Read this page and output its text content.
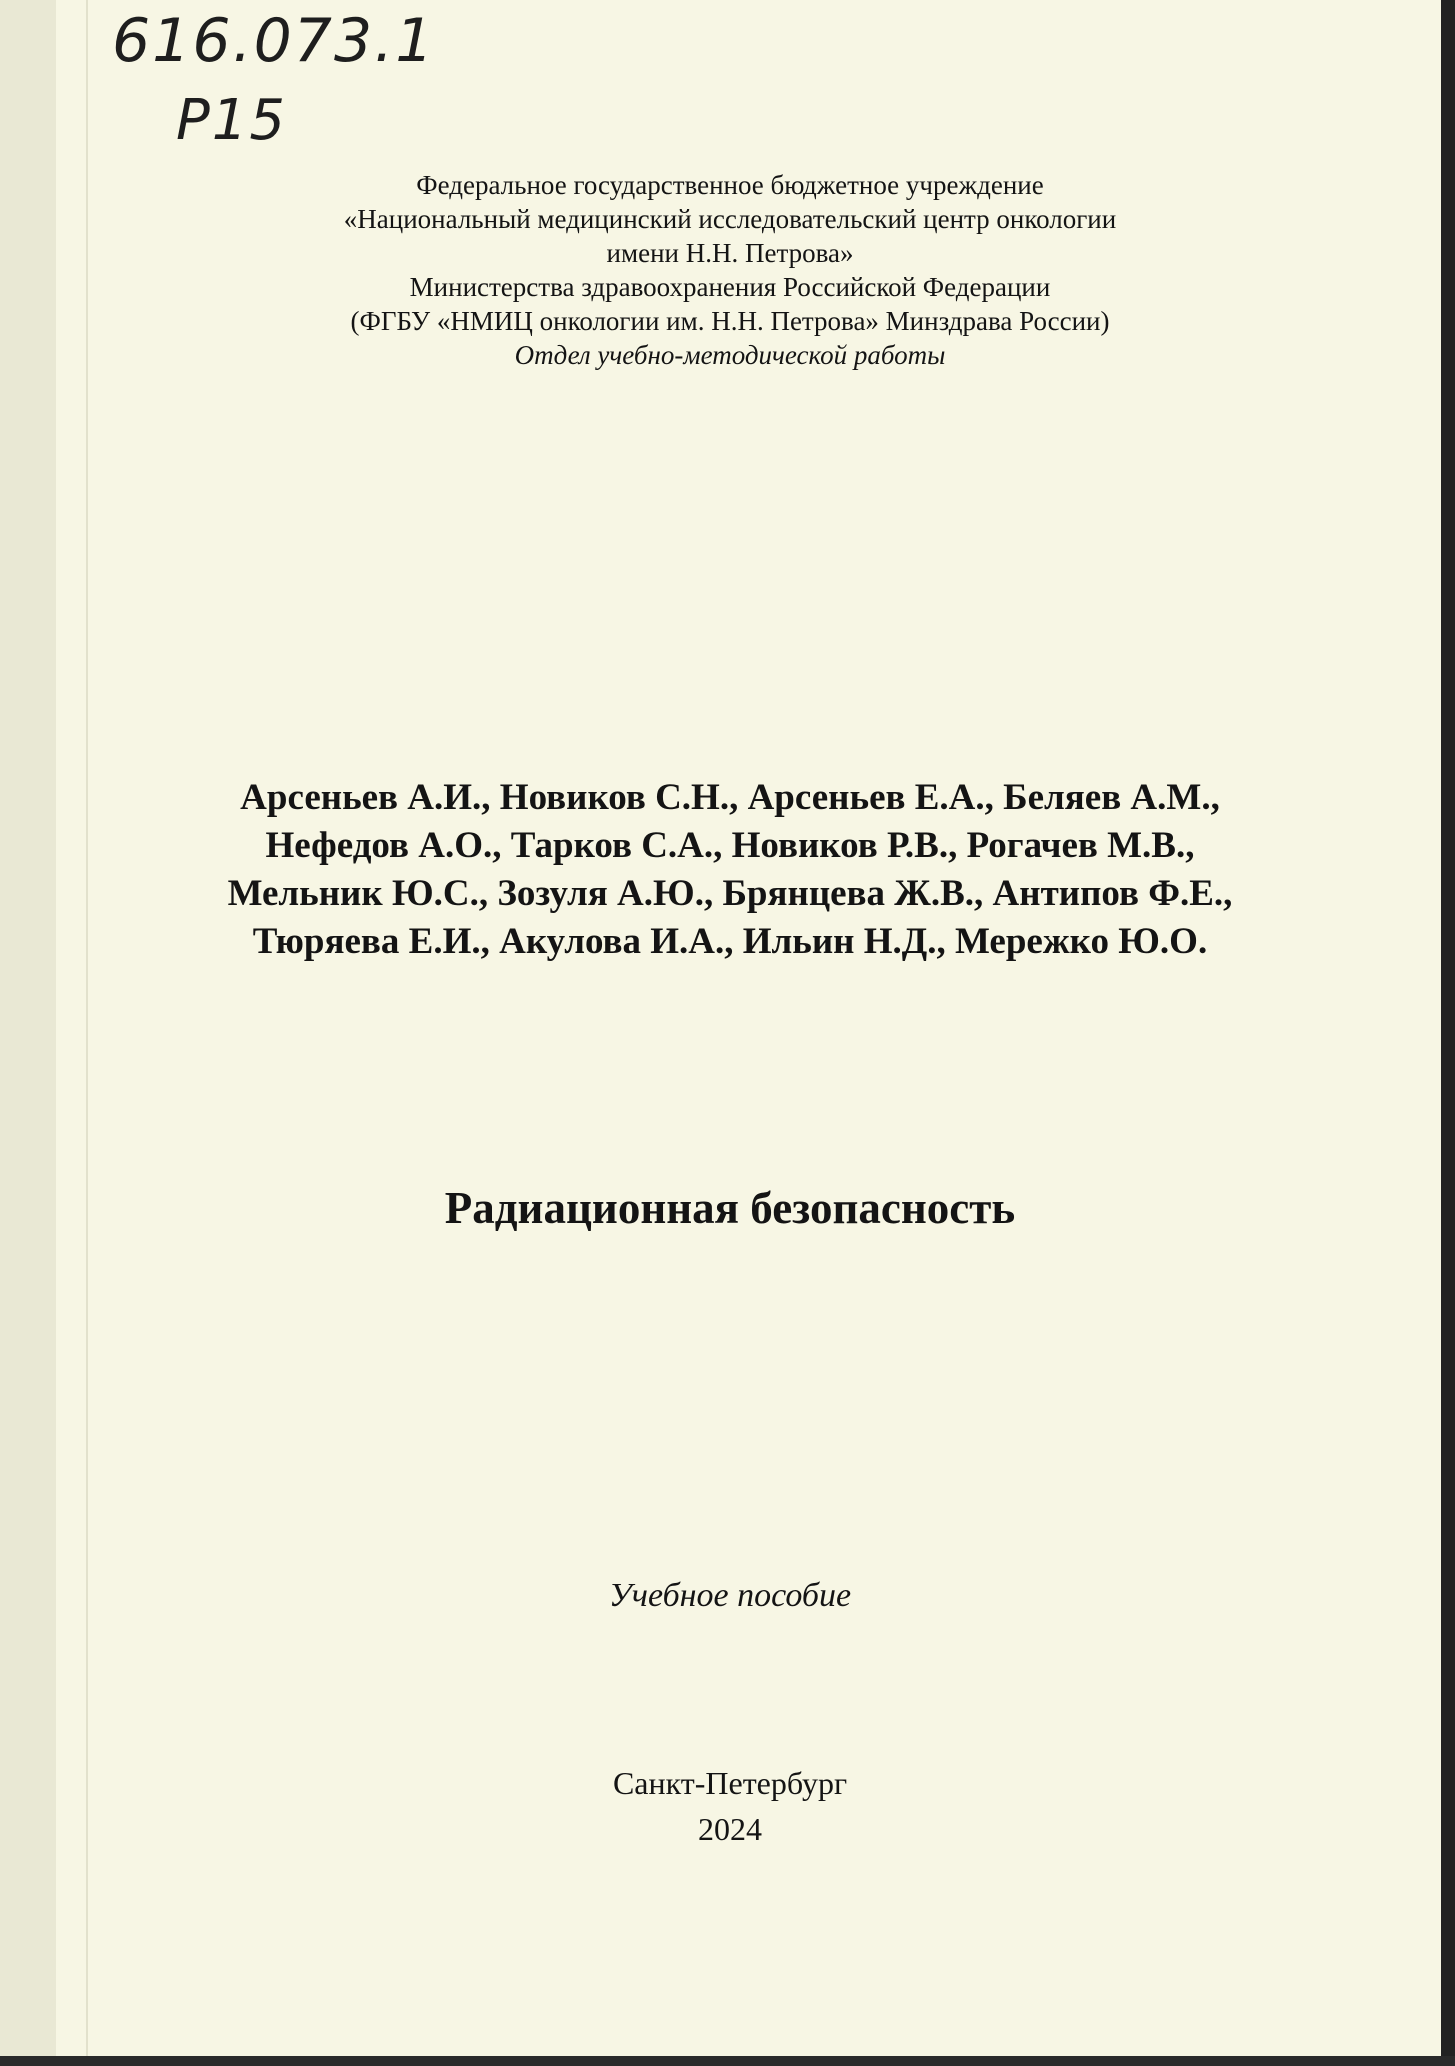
616.073.1
Р15
Федеральное государственное бюджетное учреждение
«Национальный медицинский исследовательский центр онкологии
имени Н.Н. Петрова»
Министерства здравоохранения Российской Федерации
(ФГБУ «НМИЦ онкологии им. Н.Н. Петрова» Минздрава России)
Отдел учебно-методической работы
Арсеньев А.И., Новиков С.Н., Арсеньев Е.А., Беляев А.М.,
Нефедов А.О., Тарков С.А., Новиков Р.В., Рогачев М.В.,
Мельник Ю.С., Зозуля А.Ю., Брянцева Ж.В., Антипов Ф.Е.,
Тюряева Е.И., Акулова И.А., Ильин Н.Д., Мережко Ю.О.
Радиационная безопасность
Учебное пособие
Санкт-Петербург
2024
